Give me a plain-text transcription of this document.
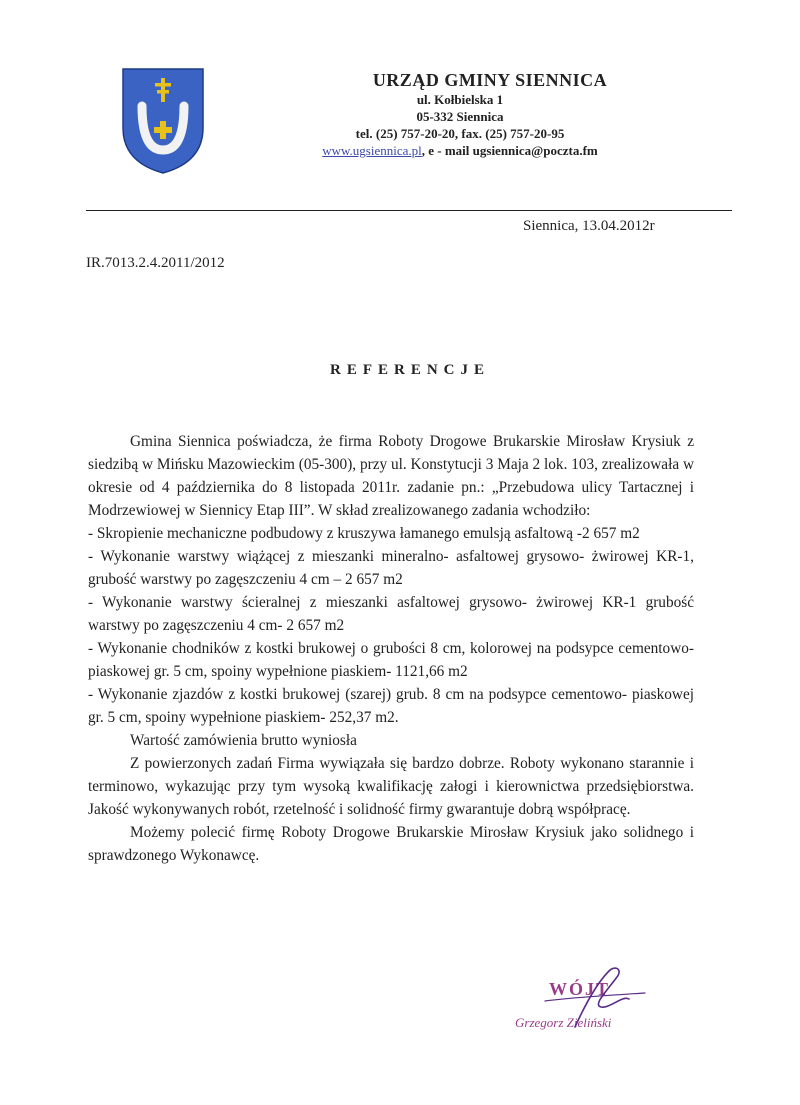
URZĄD GMINY SIENNICA
ul. Kołbielska 1
05-332 Siennica
tel. (25) 757-20-20, fax. (25) 757-20-95
www.ugsiennica.pl, e - mail ugsiennica@poczta.fm
Siennica, 13.04.2012r
IR.7013.2.4.2011/2012
REFERENCJE

Gmina Siennica poświadcza, że firma Roboty Drogowe Brukarskie Mirosław Krysiuk z siedzibą w Mińsku Mazowieckim (05-300), przy ul. Konstytucji 3 Maja 2 lok. 103, zrealizowała w okresie od 4 października do 8 listopada 2011r. zadanie pn.: „Przebudowa ulicy Tartacznej i Modrzewiowej w Siennicy Etap III”. W skład zrealizowanego zadania wchodziło:

- Skropienie mechaniczne podbudowy z kruszywa łamanego emulsją asfaltową -2 657 m2

- Wykonanie warstwy wiążącej z mieszanki mineralno- asfaltowej grysowo- żwirowej KR-1, grubość warstwy po zagęszczeniu 4 cm – 2 657 m2

- Wykonanie warstwy ścieralnej z mieszanki asfaltowej grysowo- żwirowej KR-1 grubość warstwy po zagęszczeniu 4 cm- 2 657 m2

- Wykonanie chodników z kostki brukowej o grubości 8 cm, kolorowej na podsypce cementowo- piaskowej gr. 5 cm, spoiny wypełnione piaskiem- 1121,66 m2

- Wykonanie zjazdów z kostki brukowej (szarej) grub. 8 cm na podsypce cementowo- piaskowej gr. 5 cm, spoiny wypełnione piaskiem- 252,37 m2.

Wartość zamówienia brutto wyniosła

Z powierzonych zadań Firma wywiązała się bardzo dobrze. Roboty wykonano starannie i terminowo, wykazując przy tym wysoką kwalifikację załogi i kierownictwa przedsiębiorstwa. Jakość wykonywanych robót, rzetelność i solidność firmy gwarantuje dobrą współpracę.

Możemy polecić firmę Roboty Drogowe Brukarskie Mirosław Krysiuk jako solidnego i sprawdzonego Wykonawcę.

WÓJT
Grzegorz Zieliński
